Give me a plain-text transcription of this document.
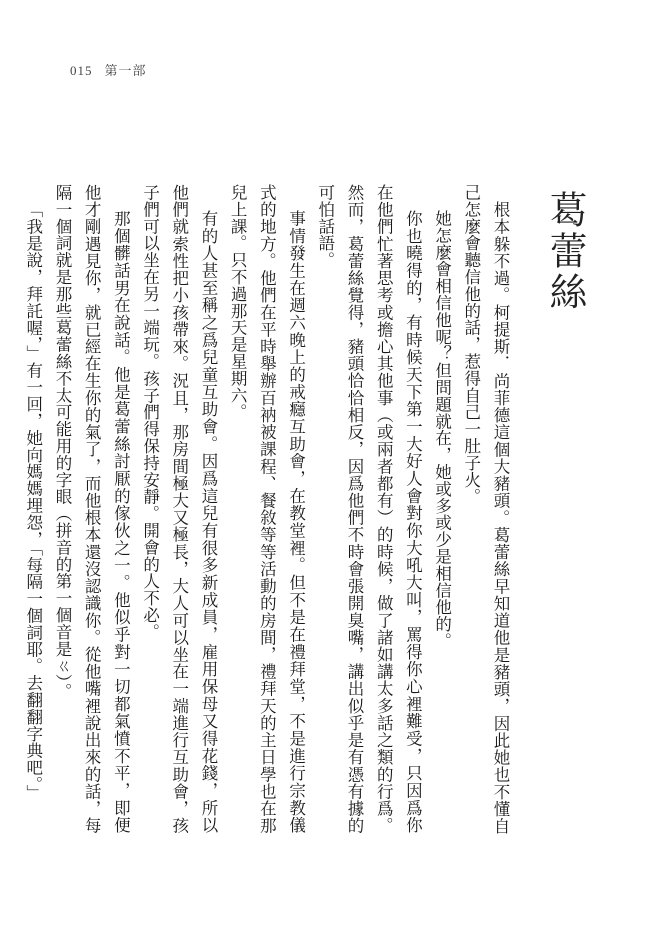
015 第一部
葛蕾絲

根本躲不過。柯提斯．尚菲德這個大豬頭。葛蕾絲早知道他是豬頭，因此她也不懂自己怎麼會聽信他的話，惹得自己一肚子火。

她怎麼會相信他呢？但問題就在，她或多或少是相信他的。

你也曉得的，有時候天下第一大好人會對你大吼大叫，罵得你心裡難受，只因爲你在他們忙著思考或擔心其他事（或兩者都有）的時候，做了諸如講太多話之類的行爲。然而，葛蕾絲覺得，豬頭恰恰相反，因爲他們不時會張開臭嘴，講出似乎是有憑有據的可怕話語。

事情發生在週六晚上的戒癮互助會，在教堂裡。但不是在禮拜堂，不是進行宗教儀式的地方。他們在平時舉辦百衲被課程、餐敘等等活動的房間，禮拜天的主日學也在那兒上課。只不過那天是星期六。

有的人甚至稱之爲兒童互助會。因爲這兒有很多新成員，雇用保母又得花錢，所以他們就索性把小孩帶來。況且，那房間極大又極長，大人可以坐在一端進行互助會，孩子們可以坐在另一端玩。孩子們得保持安靜。開會的人不必。

那個髒話男在說話。他是葛蕾絲討厭的傢伙之一。他似乎對一切都氣憤不平，即便他才剛遇見你，就已經在生你的氣了，而他根本還沒認識你。從他嘴裡說出來的話，每隔一個詞就是那些葛蕾絲不太可能用的字眼（拼音的第一個音是ㄍ）。

「我是說，拜託喔，」有一回，她向媽媽埋怨，「每隔一個詞耶。去翻翻字典吧。」
